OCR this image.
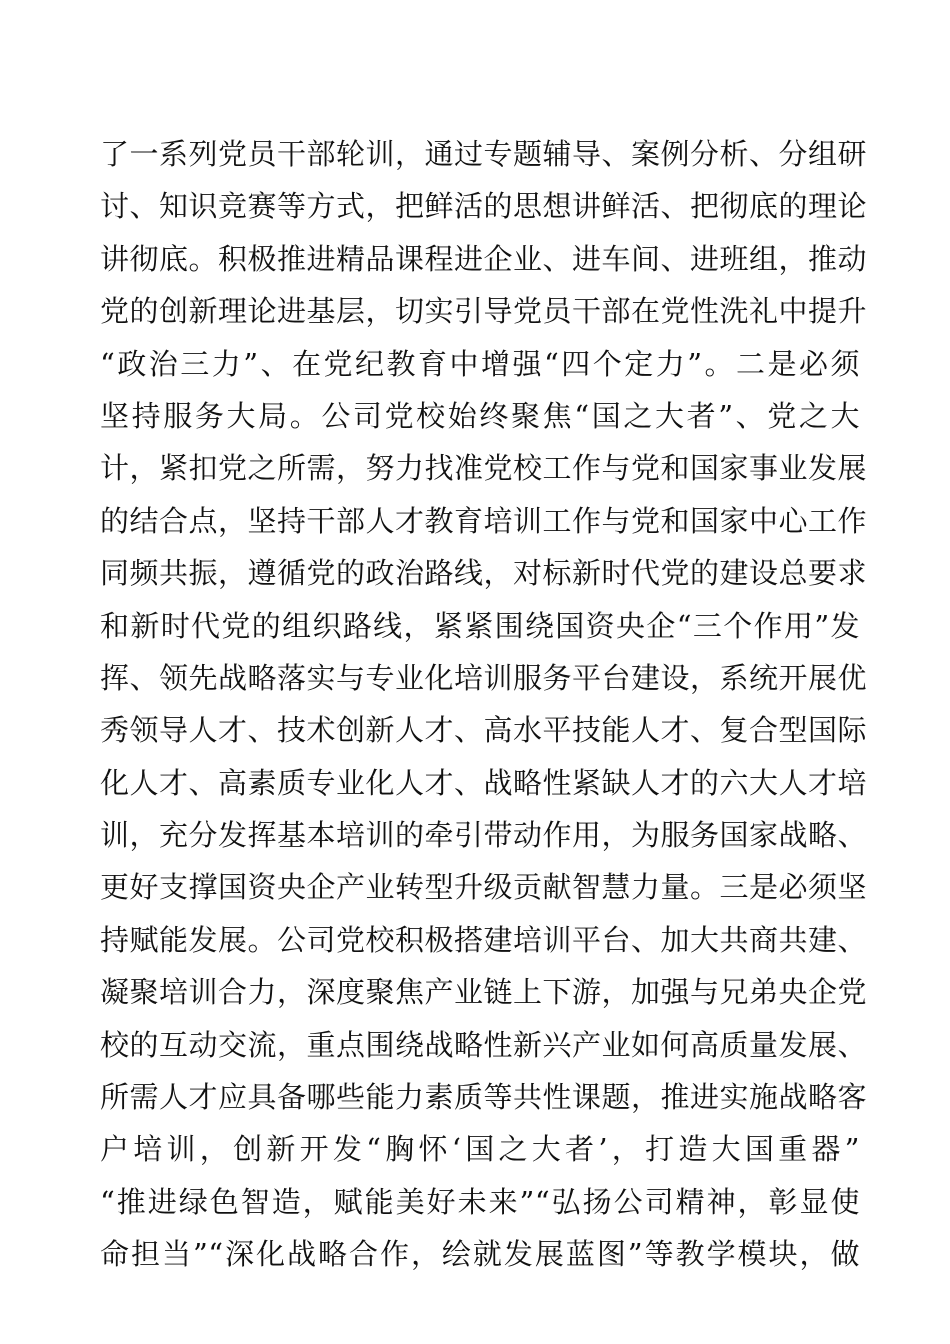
了一系列党员干部轮训，通过专题辅导、案例分析、分组研
讨、知识竞赛等方式，把鲜活的思想讲鲜活、把彻底的理论
讲彻底。积极推进精品课程进企业、进车间、进班组，推动
党的创新理论进基层，切实引导党员干部在党性洗礼中提升
“政治三力”、在党纪教育中增强“四个定力”。二是必须
坚持服务大局。公司党校始终聚焦“国之大者”、党之大
计，紧扣党之所需，努力找准党校工作与党和国家事业发展
的结合点，坚持干部人才教育培训工作与党和国家中心工作
同频共振，遵循党的政治路线，对标新时代党的建设总要求
和新时代党的组织路线，紧紧围绕国资央企“三个作用”发
挥、领先战略落实与专业化培训服务平台建设，系统开展优
秀领导人才、技术创新人才、高水平技能人才、复合型国际
化人才、高素质专业化人才、战略性紧缺人才的六大人才培
训，充分发挥基本培训的牵引带动作用，为服务国家战略、
更好支撑国资央企产业转型升级贡献智慧力量。三是必须坚
持赋能发展。公司党校积极搭建培训平台、加大共商共建、
凝聚培训合力，深度聚焦产业链上下游，加强与兄弟央企党
校的互动交流，重点围绕战略性新兴产业如何高质量发展、
所需人才应具备哪些能力素质等共性课题，推进实施战略客
户培训，创新开发“胸怀‘国之大者’，打造大国重器”
“推进绿色智造，赋能美好未来”“弘扬公司精神，彰显使
命担当”“深化战略合作，绘就发展蓝图”等教学模块，做
